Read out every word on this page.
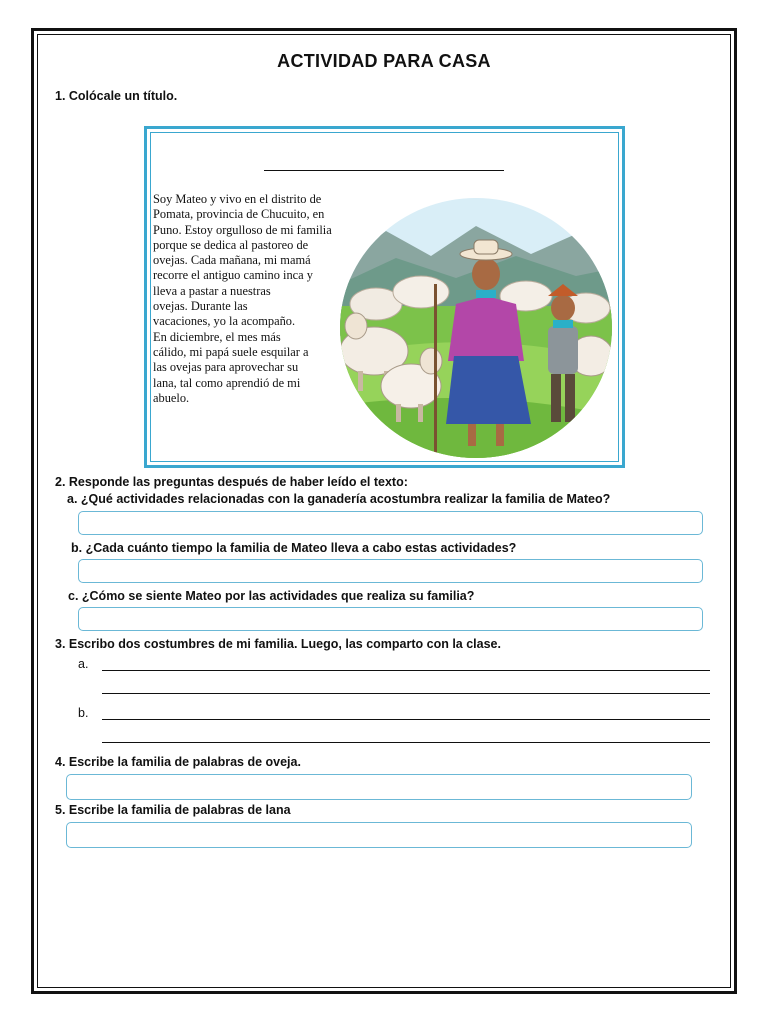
ACTIVIDAD PARA CASA
1. Colócale un título.
Soy Mateo y vivo en el distrito de
Pomata, provincia de Chucuito, en
Puno. Estoy orgulloso de mi familia
porque se dedica al pastoreo de
ovejas. Cada mañana, mi mamá
recorre el antiguo camino inca y
lleva a pastar a nuestras
ovejas. Durante las
vacaciones, yo la acompaño.
En diciembre, el mes más
cálido, mi papá suele esquilar a
las ovejas para aprovechar su
lana, tal como aprendió de mi
abuelo.
2. Responde las preguntas después de haber leído el texto:
a. ¿Qué actividades relacionadas con la ganadería acostumbra realizar la familia de Mateo?
b. ¿Cada cuánto tiempo la familia de Mateo lleva a cabo estas actividades?
c. ¿Cómo se siente Mateo por las actividades que realiza su familia?
3. Escribo dos costumbres de mi familia. Luego, las comparto con la clase.
a.
b.
4. Escribe la familia de palabras de oveja.
5. Escribe la familia de palabras de lana
